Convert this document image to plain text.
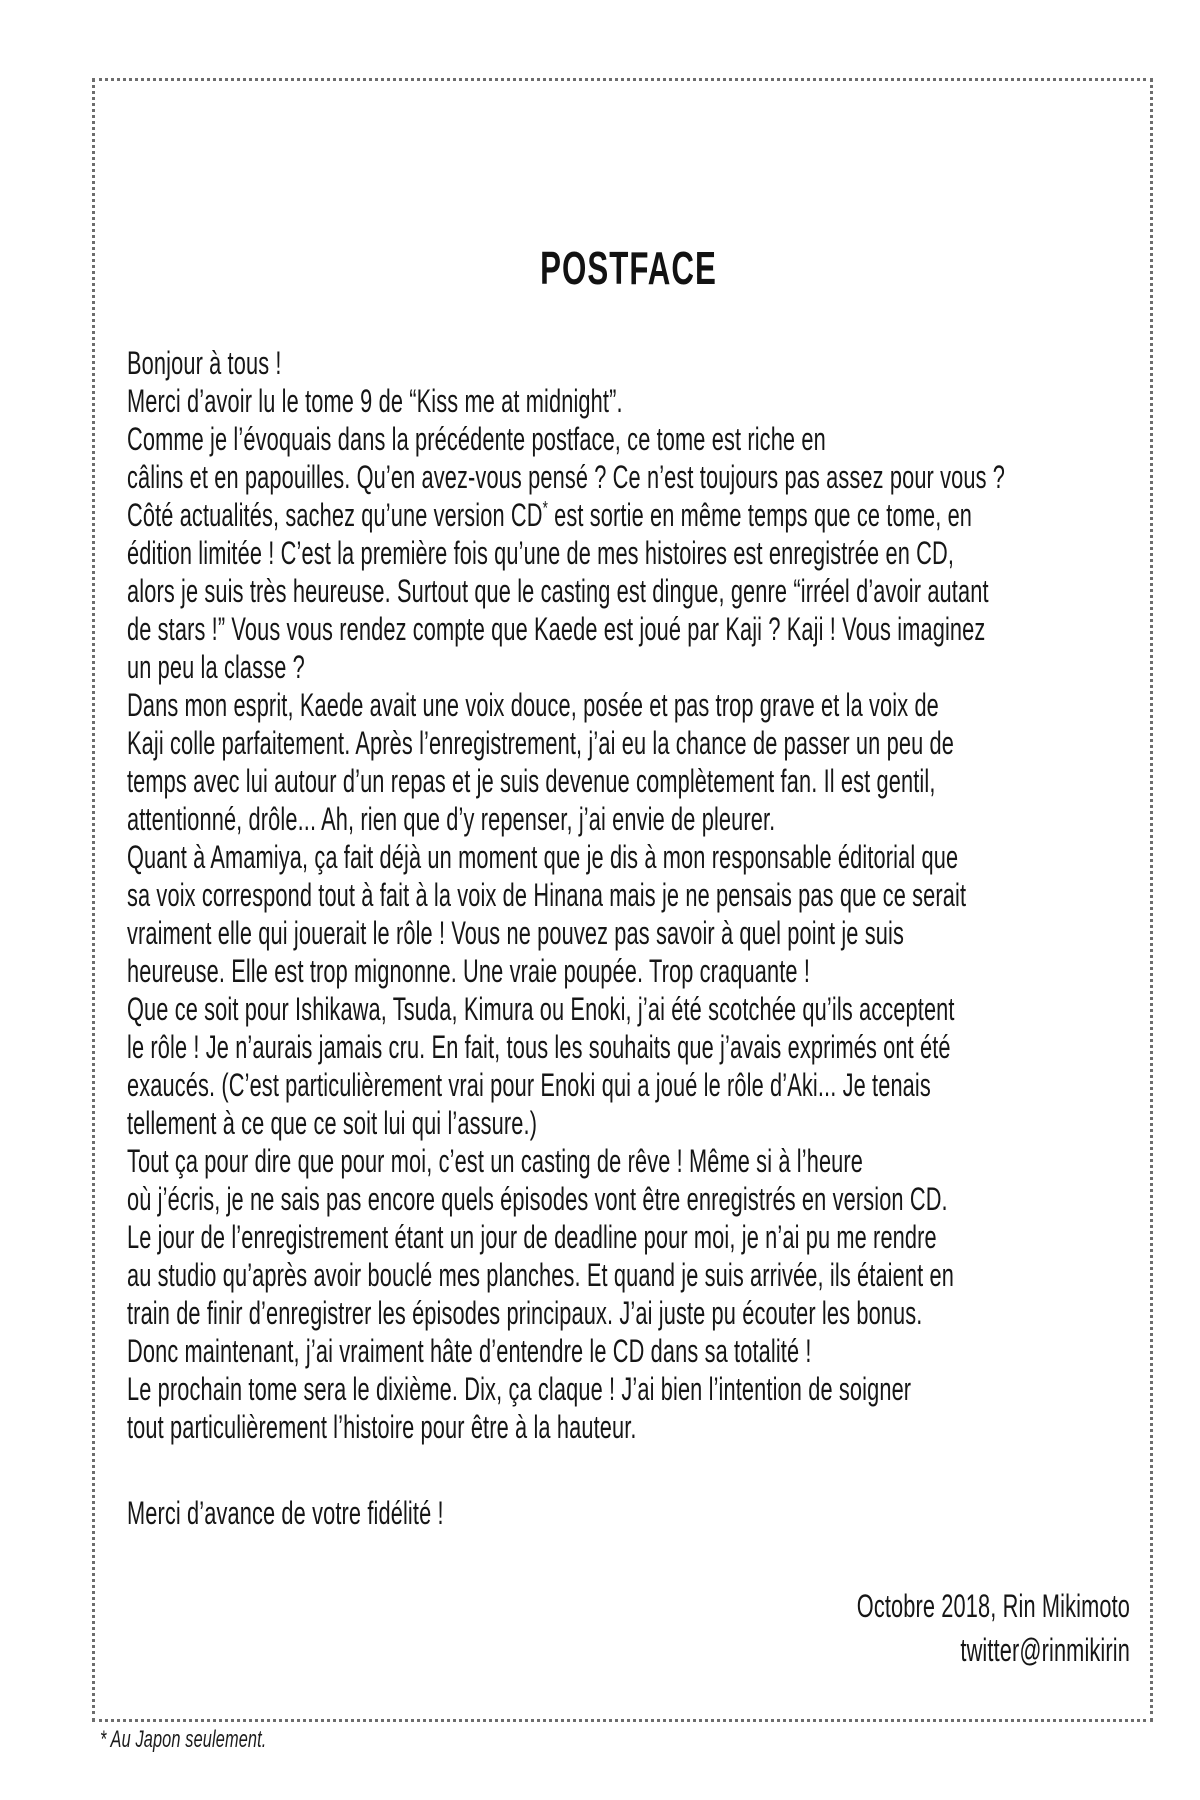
POSTFACE
Bonjour à tous !
Merci d’avoir lu le tome 9 de “Kiss me at midnight”.
Comme je l’évoquais dans la précédente postface, ce tome est riche en
câlins et en papouilles. Qu’en avez-vous pensé ? Ce n’est toujours pas assez pour vous ?
Côté actualités, sachez qu’une version CD* est sortie en même temps que ce tome, en
édition limitée ! C’est la première fois qu’une de mes histoires est enregistrée en CD,
alors je suis très heureuse. Surtout que le casting est dingue, genre “irréel d’avoir autant
de stars !” Vous vous rendez compte que Kaede est joué par Kaji ? Kaji ! Vous imaginez
un peu la classe ?
Dans mon esprit, Kaede avait une voix douce, posée et pas trop grave et la voix de
Kaji colle parfaitement. Après l’enregistrement, j’ai eu la chance de passer un peu de
temps avec lui autour d’un repas et je suis devenue complètement fan. Il est gentil,
attentionné, drôle... Ah, rien que d’y repenser, j’ai envie de pleurer.
Quant à Amamiya, ça fait déjà un moment que je dis à mon responsable éditorial que
sa voix correspond tout à fait à la voix de Hinana mais je ne pensais pas que ce serait
vraiment elle qui jouerait le rôle ! Vous ne pouvez pas savoir à quel point je suis
heureuse. Elle est trop mignonne. Une vraie poupée. Trop craquante !
Que ce soit pour Ishikawa, Tsuda, Kimura ou Enoki, j’ai été scotchée qu’ils acceptent
le rôle ! Je n’aurais jamais cru. En fait, tous les souhaits que j’avais exprimés ont été
exaucés. (C’est particulièrement vrai pour Enoki qui a joué le rôle d’Aki... Je tenais
tellement à ce que ce soit lui qui l’assure.)
Tout ça pour dire que pour moi, c’est un casting de rêve ! Même si à l’heure
où j’écris, je ne sais pas encore quels épisodes vont être enregistrés en version CD.
Le jour de l’enregistrement étant un jour de deadline pour moi, je n’ai pu me rendre
au studio qu’après avoir bouclé mes planches. Et quand je suis arrivée, ils étaient en
train de finir d’enregistrer les épisodes principaux. J’ai juste pu écouter les bonus.
Donc maintenant, j’ai vraiment hâte d’entendre le CD dans sa totalité !
Le prochain tome sera le dixième. Dix, ça claque ! J’ai bien l’intention de soigner
tout particulièrement l’histoire pour être à la hauteur.

Merci d’avance de votre fidélité !
Octobre 2018, Rin Mikimoto
twitter@rinmikirin
* Au Japon seulement.
